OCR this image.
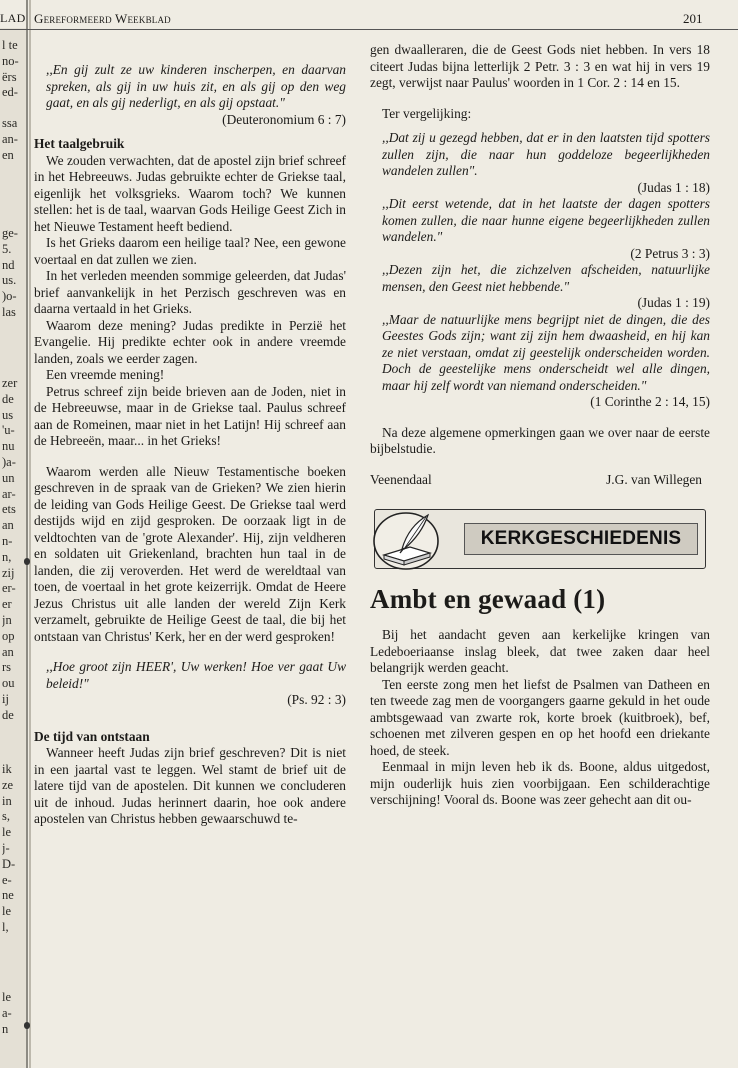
LAD Gereformeerd Weekblad	201
l te
no-
ërs
ed-
ssa
an-
en
ge-
5.
nd
us.
)o-
las
zer
de
us
'u-
nu
)a-
un
ar-
ets
an
n-
n,
zij
er-
er
jn
op
an
rs
ou
ij
de
ik
ze
in
s,
le
j-
D-
e-
ne
le
l,
le
a-
n

,,En gij zult ze uw kinderen inscherpen, en daarvan spreken, als gij in uw huis zit, en als gij op den weg gaat, en als gij nederligt, en als gij opstaat."

(Deuteronomium 6 : 7)

Het taalgebruik

We zouden verwachten, dat de apostel zijn brief schreef in het Hebreeuws. Judas gebruikte echter de Griekse taal, eigenlijk het volksgrieks. Waarom toch? We kunnen stellen: het is de taal, waarvan Gods Heilige Geest Zich in het Nieuwe Testament heeft bediend.

Is het Grieks daarom een heilige taal? Nee, een gewone voertaal en dat zullen we zien.

In het verleden meenden sommige geleerden, dat Judas' brief aanvankelijk in het Perzisch geschreven was en daarna vertaald in het Grieks.

Waarom deze mening? Judas predikte in Perzië het Evangelie. Hij predikte echter ook in andere vreemde landen, zoals we eerder zagen.

Een vreemde mening!

Petrus schreef zijn beide brieven aan de Joden, niet in de Hebreeuwse, maar in de Griekse taal. Paulus schreef aan de Romeinen, maar niet in het Latijn! Hij schreef aan de Hebreeën, maar... in het Grieks!

Waarom werden alle Nieuw Testamentische boeken geschreven in de spraak van de Grieken? We zien hierin de leiding van Gods Heilige Geest. De Griekse taal werd destijds wijd en zijd gesproken. De oorzaak ligt in de veldtochten van de 'grote Alexander'. Hij, zijn veldheren en soldaten uit Griekenland, brachten hun taal in de landen, die zij veroverden. Het werd de wereldtaal van toen, de voertaal in het grote keizerrijk. Omdat de Heere Jezus Christus uit alle landen der wereld Zijn Kerk verzamelt, gebruikte de Heilige Geest de taal, die bij het ontstaan van Christus' Kerk, her en der werd gesproken!

,,Hoe groot zijn HEER', Uw werken! Hoe ver gaat Uw beleid!"

(Ps. 92 : 3)

De tijd van ontstaan

Wanneer heeft Judas zijn brief geschreven? Dit is niet in een jaartal vast te leggen. Wel stamt de brief uit de latere tijd van de apostelen. Dit kunnen we concluderen uit de inhoud. Judas herinnert daarin, hoe ook andere apostelen van Christus hebben gewaarschuwd te-

gen dwaalleraren, die de Geest Gods niet hebben. In vers 18 citeert Judas bijna letterlijk 2 Petr. 3 : 3 en wat hij in vers 19 zegt, verwijst naar Paulus' woorden in 1 Cor. 2 : 14 en 15.

Ter vergelijking:

,,Dat zij u gezegd hebben, dat er in den laatsten tijd spotters zullen zijn, die naar hun goddeloze begeerlijkheden wandelen zullen".

(Judas 1 : 18)

,,Dit eerst wetende, dat in het laatste der dagen spotters komen zullen, die naar hunne eigene begeerlijkheden zullen wandelen."

(2 Petrus 3 : 3)

,,Dezen zijn het, die zichzelven afscheiden, natuurlijke mensen, den Geest niet hebbende."

(Judas 1 : 19)

,,Maar de natuurlijke mens begrijpt niet de dingen, die des Geestes Gods zijn; want zij zijn hem dwaasheid, en hij kan ze niet verstaan, omdat zij geestelijk onderscheiden worden. Doch de geestelijke mens onderscheidt wel alle dingen, maar hij zelf wordt van niemand onderscheiden."

(1 Corinthe 2 : 14, 15)

Na deze algemene opmerkingen gaan we over naar de eerste bijbelstudie.

Veenendaal	J.G. van Willegen
KERKGESCHIEDENIS
Ambt en gewaad (1)

Bij het aandacht geven aan kerkelijke kringen van Ledeboeriaanse inslag bleek, dat twee zaken daar heel belangrijk werden geacht.

Ten eerste zong men het liefst de Psalmen van Datheen en ten tweede zag men de voorgangers gaarne gekuld in het oude ambtsgewaad van zwarte rok, korte broek (kuitbroek), bef, schoenen met zilveren gespen en op het hoofd een driekante hoed, de steek.

Eenmaal in mijn leven heb ik ds. Boone, aldus uitgedost, mijn ouderlijk huis zien voorbijgaan. Een schilderachtige verschijning! Vooral ds. Boone was zeer gehecht aan dit ou-
